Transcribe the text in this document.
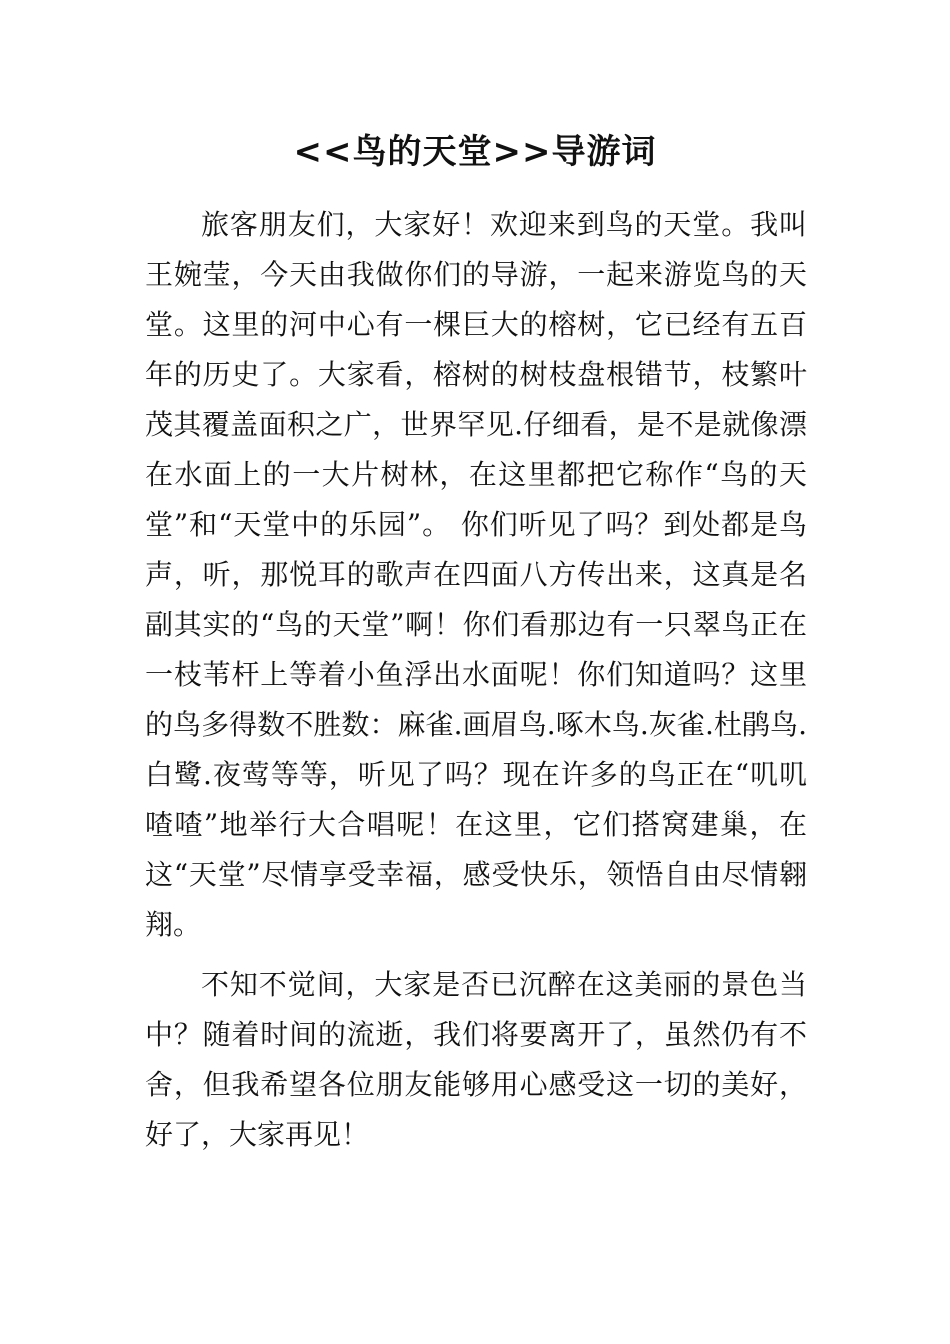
<<鸟的天堂>>导游词

旅客朋友们，大家好！欢迎来到鸟的天堂。我叫王婉莹，今天由我做你们的导游，一起来游览鸟的天堂。这里的河中心有一棵巨大的榕树，它已经有五百年的历史了。大家看，榕树的树枝盘根错节，枝繁叶茂其覆盖面积之广，世界罕见.仔细看，是不是就像漂在水面上的一大片树林，在这里都把它称作“鸟的天堂”和“天堂中的乐园”。 你们听见了吗？到处都是鸟声，听，那悦耳的歌声在四面八方传出来，这真是名副其实的“鸟的天堂”啊！你们看那边有一只翠鸟正在一枝苇杆上等着小鱼浮出水面呢！你们知道吗？这里的鸟多得数不胜数：麻雀.画眉鸟.啄木鸟.灰雀.杜鹃鸟.白鹭.夜莺等等，听见了吗？现在许多的鸟正在“叽叽喳喳”地举行大合唱呢！在这里，它们搭窝建巢，在这“天堂”尽情享受幸福，感受快乐，领悟自由尽情翱翔。

不知不觉间，大家是否已沉醉在这美丽的景色当中？随着时间的流逝，我们将要离开了，虽然仍有不舍，但我希望各位朋友能够用心感受这一切的美好，好了，大家再见！
